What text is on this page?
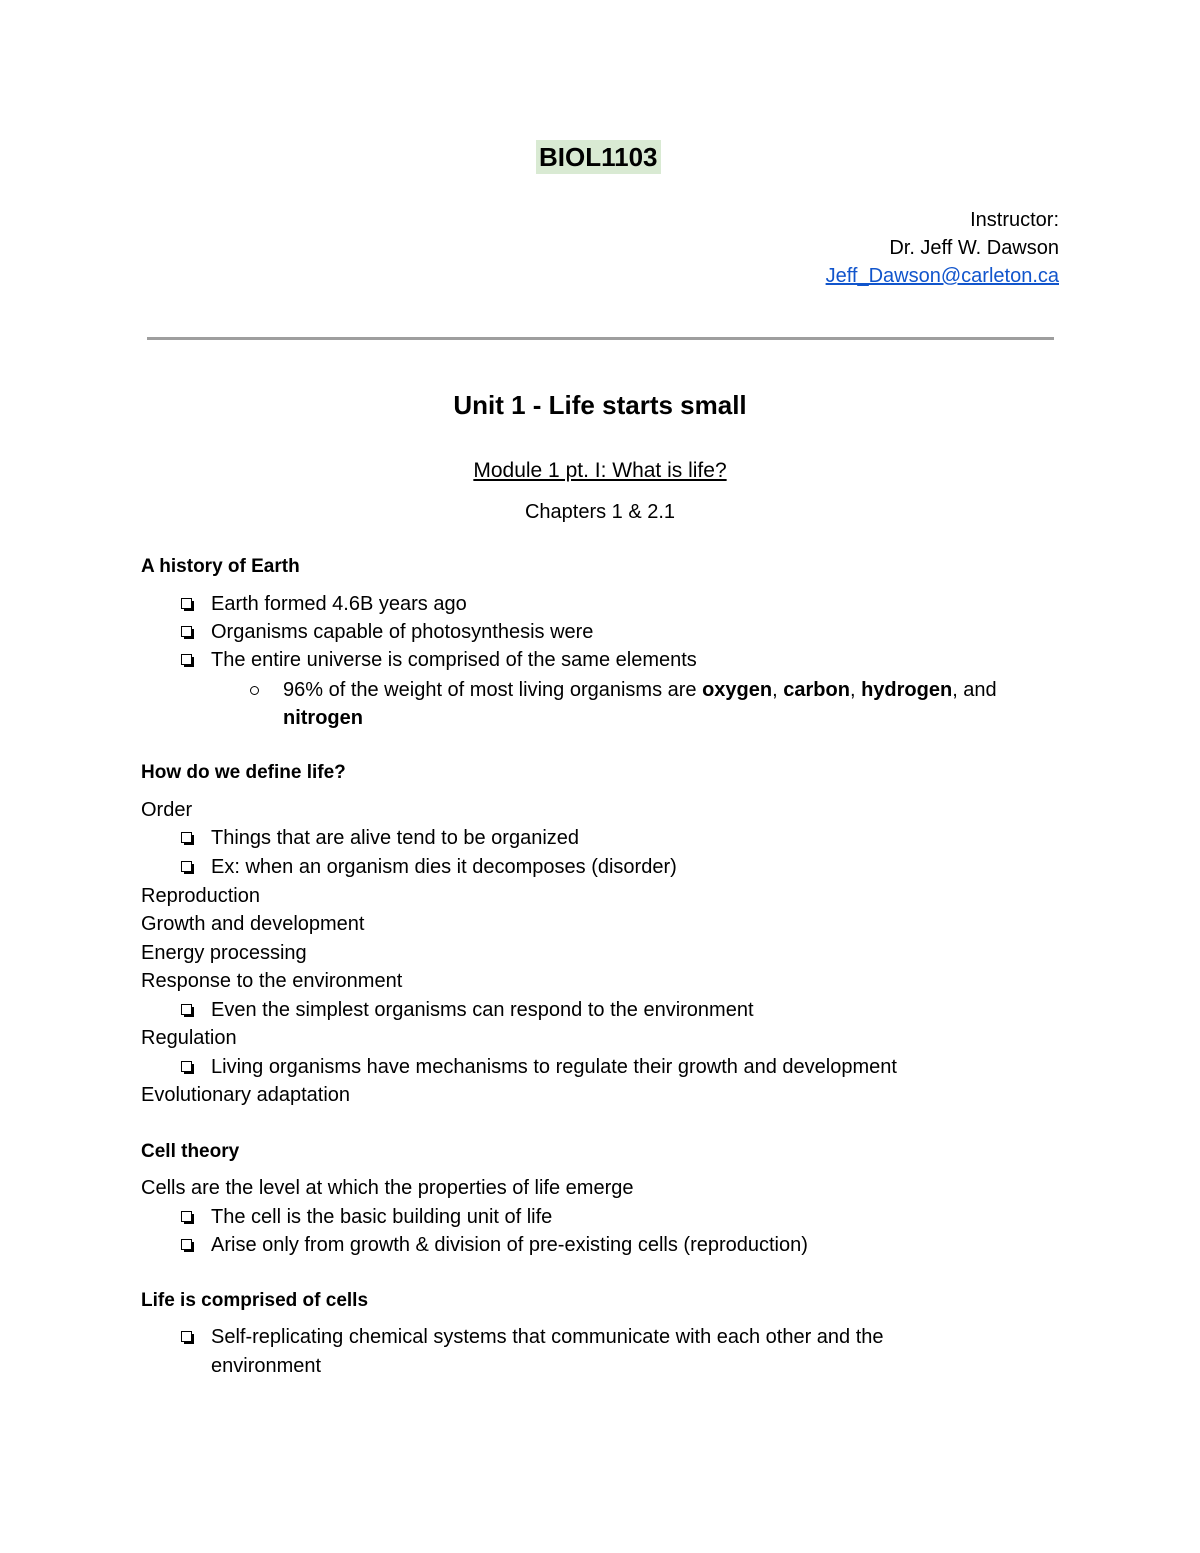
BIOL1103
Instructor:
Dr. Jeff W. Dawson
Jeff_Dawson@carleton.ca
Unit 1 - Life starts small
Module 1 pt. I: What is life?
Chapters 1 & 2.1
A history of Earth
Earth formed 4.6B years ago
Organisms capable of photosynthesis were
The entire universe is comprised of the same elements
96% of the weight of most living organisms are oxygen, carbon, hydrogen, and
nitrogen
How do we define life?
Order
Things that are alive tend to be organized
Ex: when an organism dies it decomposes (disorder)
Reproduction
Growth and development
Energy processing
Response to the environment
Even the simplest organisms can respond to the environment
Regulation
Living organisms have mechanisms to regulate their growth and development
Evolutionary adaptation
Cell theory
Cells are the level at which the properties of life emerge
The cell is the basic building unit of life
Arise only from growth & division of pre-existing cells (reproduction)
Life is comprised of cells
Self-replicating chemical systems that communicate with each other and the
environment
